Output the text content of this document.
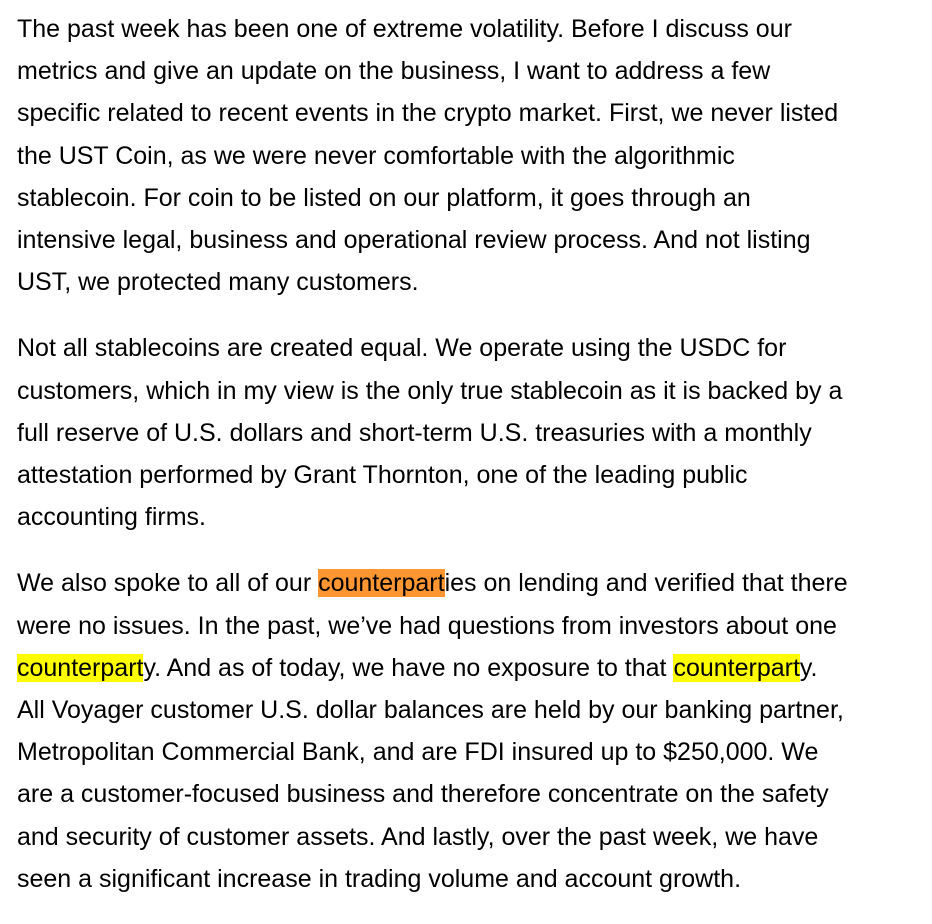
The past week has been one of extreme volatility. Before I discuss our
metrics and give an update on the business, I want to address a few
specific related to recent events in the crypto market. First, we never listed
the UST Coin, as we were never comfortable with the algorithmic
stablecoin. For coin to be listed on our platform, it goes through an
intensive legal, business and operational review process. And not listing
UST, we protected many customers.

Not all stablecoins are created equal. We operate using the USDC for
customers, which in my view is the only true stablecoin as it is backed by a
full reserve of U.S. dollars and short-term U.S. treasuries with a monthly
attestation performed by Grant Thornton, one of the leading public
accounting firms.

We also spoke to all of our counterparties on lending and verified that there
were no issues. In the past, we’ve had questions from investors about one
counterparty. And as of today, we have no exposure to that counterparty.
All Voyager customer U.S. dollar balances are held by our banking partner,
Metropolitan Commercial Bank, and are FDI insured up to $250,000. We
are a customer-focused business and therefore concentrate on the safety
and security of customer assets. And lastly, over the past week, we have
seen a significant increase in trading volume and account growth.
